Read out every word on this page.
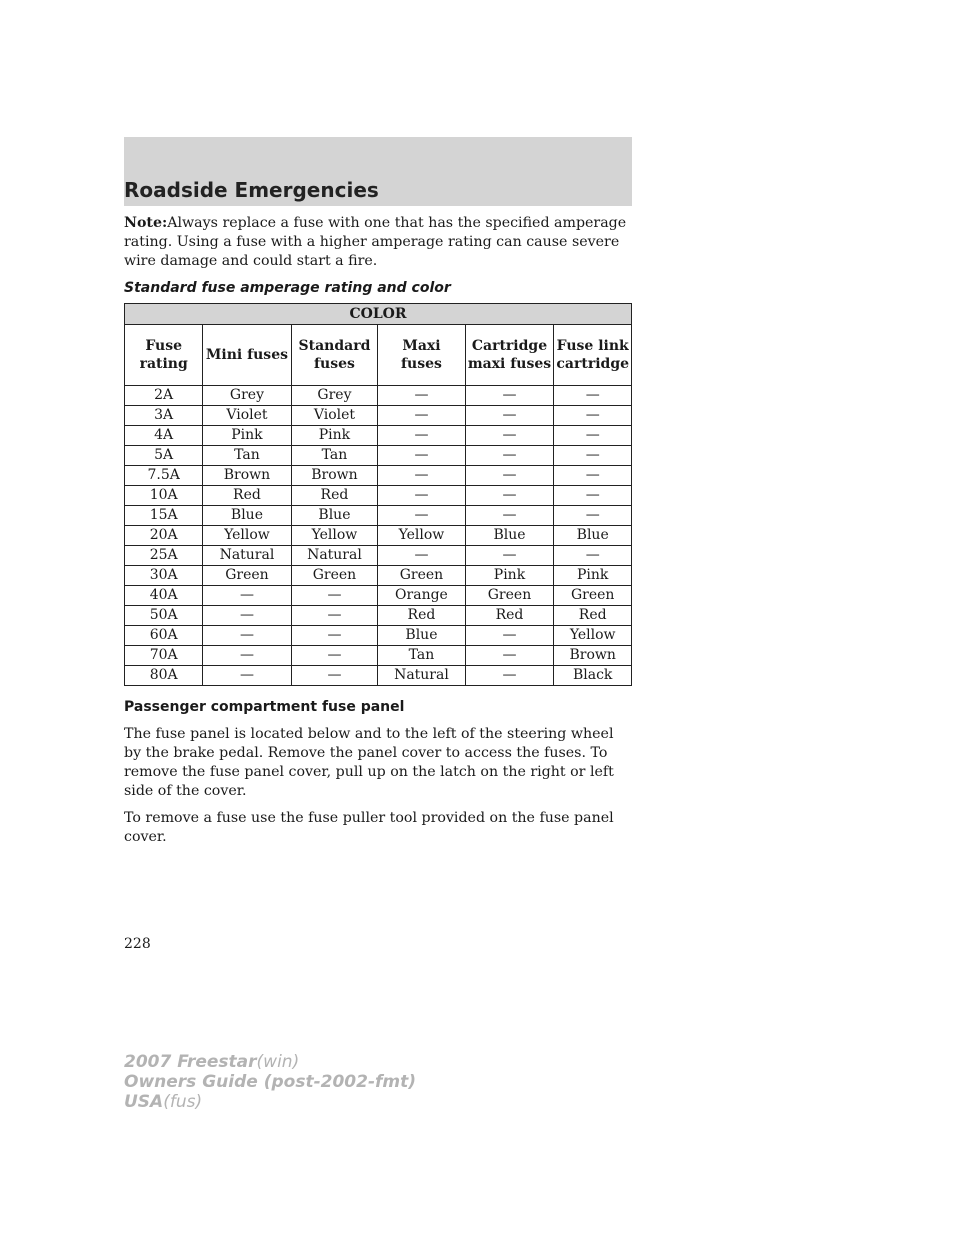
Roadside Emergencies

Note:Always replace a fuse with one that has the specified amperage rating. Using a fuse with a higher amperage rating can cause severe wire damage and could start a fire.

Standard fuse amperage rating and color
COLOR					
Fuse rating	Mini fuses	Standard fuses	Maxi fuses	Cartridge maxi fuses	Fuse link cartridge
2A	Grey	Grey	—	—	—
3A	Violet	Violet	—	—	—
4A	Pink	Pink	—	—	—
5A	Tan	Tan	—	—	—
7.5A	Brown	Brown	—	—	—
10A	Red	Red	—	—	—
15A	Blue	Blue	—	—	—
20A	Yellow	Yellow	Yellow	Blue	Blue
25A	Natural	Natural	—	—	—
30A	Green	Green	Green	Pink	Pink
40A	—	—	Orange	Green	Green
50A	—	—	Red	Red	Red
60A	—	—	Blue	—	Yellow
70A	—	—	Tan	—	Brown
80A	—	—	Natural	—	Black
Passenger compartment fuse panel

The fuse panel is located below and to the left of the steering wheel by the brake pedal. Remove the panel cover to access the fuses. To remove the fuse panel cover, pull up on the latch on the right or left side of the cover.

To remove a fuse use the fuse puller tool provided on the fuse panel cover.

228
2007 Freestar(win)
Owners Guide (post-2002-fmt)
USA(fus)
